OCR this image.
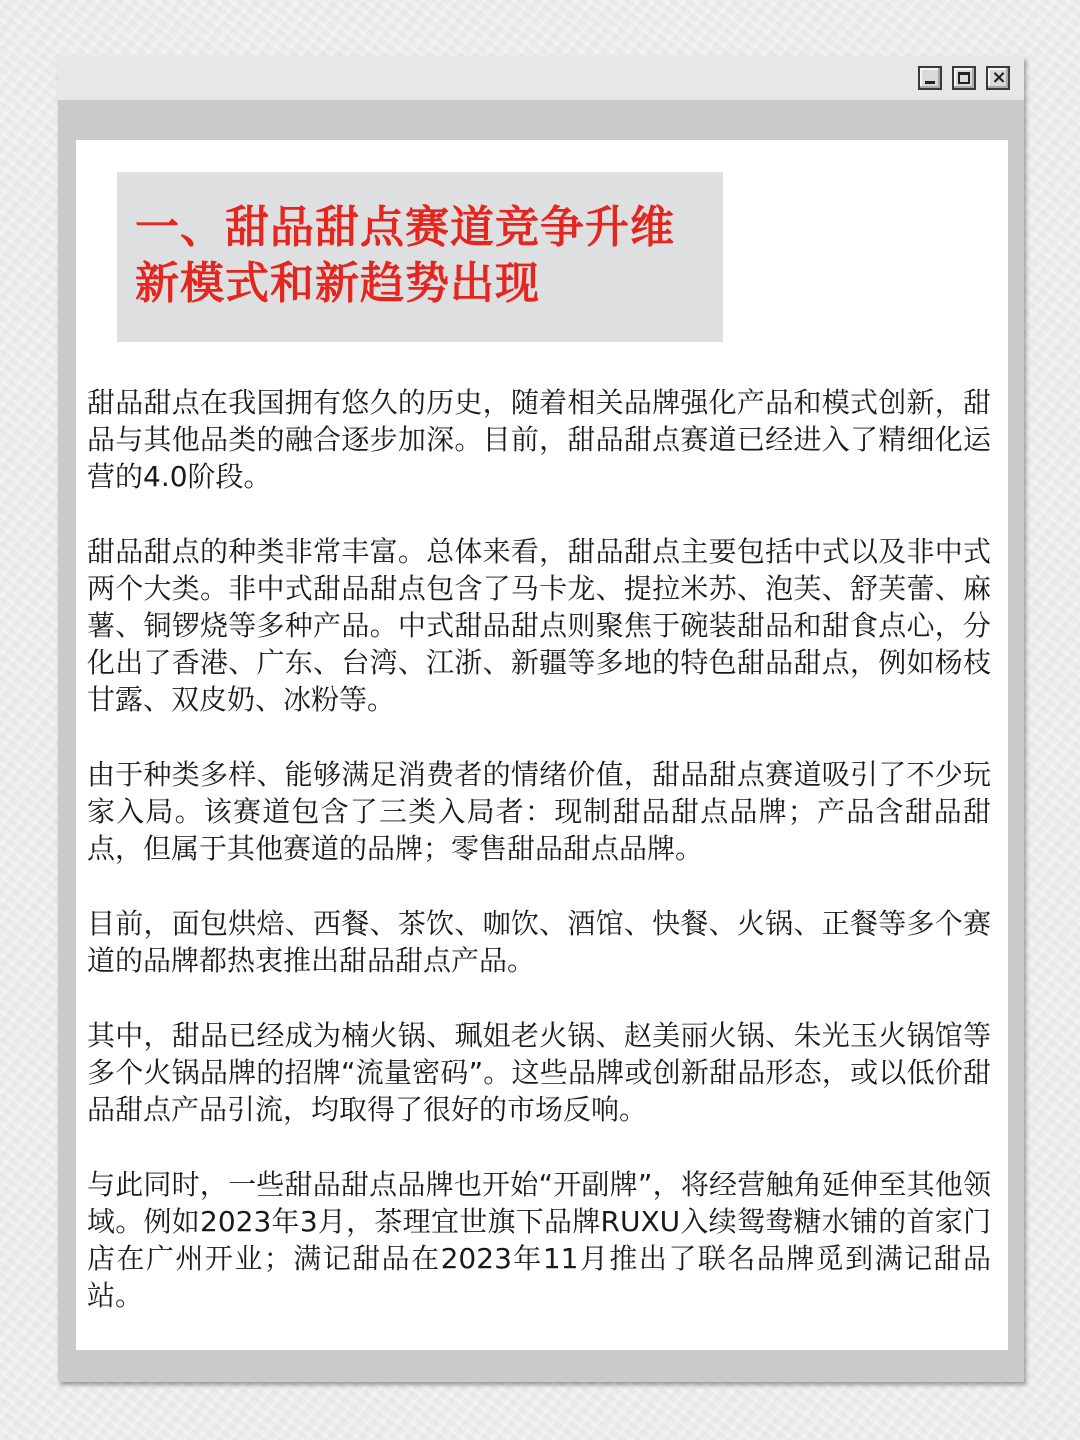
×
一、甜品甜点赛道竞争升维
新模式和新趋势出现

甜品甜点在我国拥有悠久的历史，随着相关品牌强化产品和模式创新，甜品与其他品类的融合逐步加深。目前，甜品甜点赛道已经进入了精细化运营的4.0阶段。

甜品甜点的种类非常丰富。总体来看，甜品甜点主要包括中式以及非中式两个大类。非中式甜品甜点包含了马卡龙、提拉米苏、泡芙、舒芙蕾、麻薯、铜锣烧等多种产品。中式甜品甜点则聚焦于碗装甜品和甜食点心，分化出了香港、广东、台湾、江浙、新疆等多地的特色甜品甜点，例如杨枝甘露、双皮奶、冰粉等。

由于种类多样、能够满足消费者的情绪价值，甜品甜点赛道吸引了不少玩家入局。该赛道包含了三类入局者：现制甜品甜点品牌；产品含甜品甜点，但属于其他赛道的品牌；零售甜品甜点品牌。

目前，面包烘焙、西餐、茶饮、咖饮、酒馆、快餐、火锅、正餐等多个赛道的品牌都热衷推出甜品甜点产品。

其中，甜品已经成为楠火锅、珮姐老火锅、赵美丽火锅、朱光玉火锅馆等多个火锅品牌的招牌“流量密码”。这些品牌或创新甜品形态，或以低价甜品甜点产品引流，均取得了很好的市场反响。

与此同时，一些甜品甜点品牌也开始“开副牌”，将经营触角延伸至其他领域。例如2023年3月，茶理宜世旗下品牌RUXU入续鸳鸯糖水铺的首家门店在广州开业；满记甜品在2023年11月推出了联名品牌觅到满记甜品站。
